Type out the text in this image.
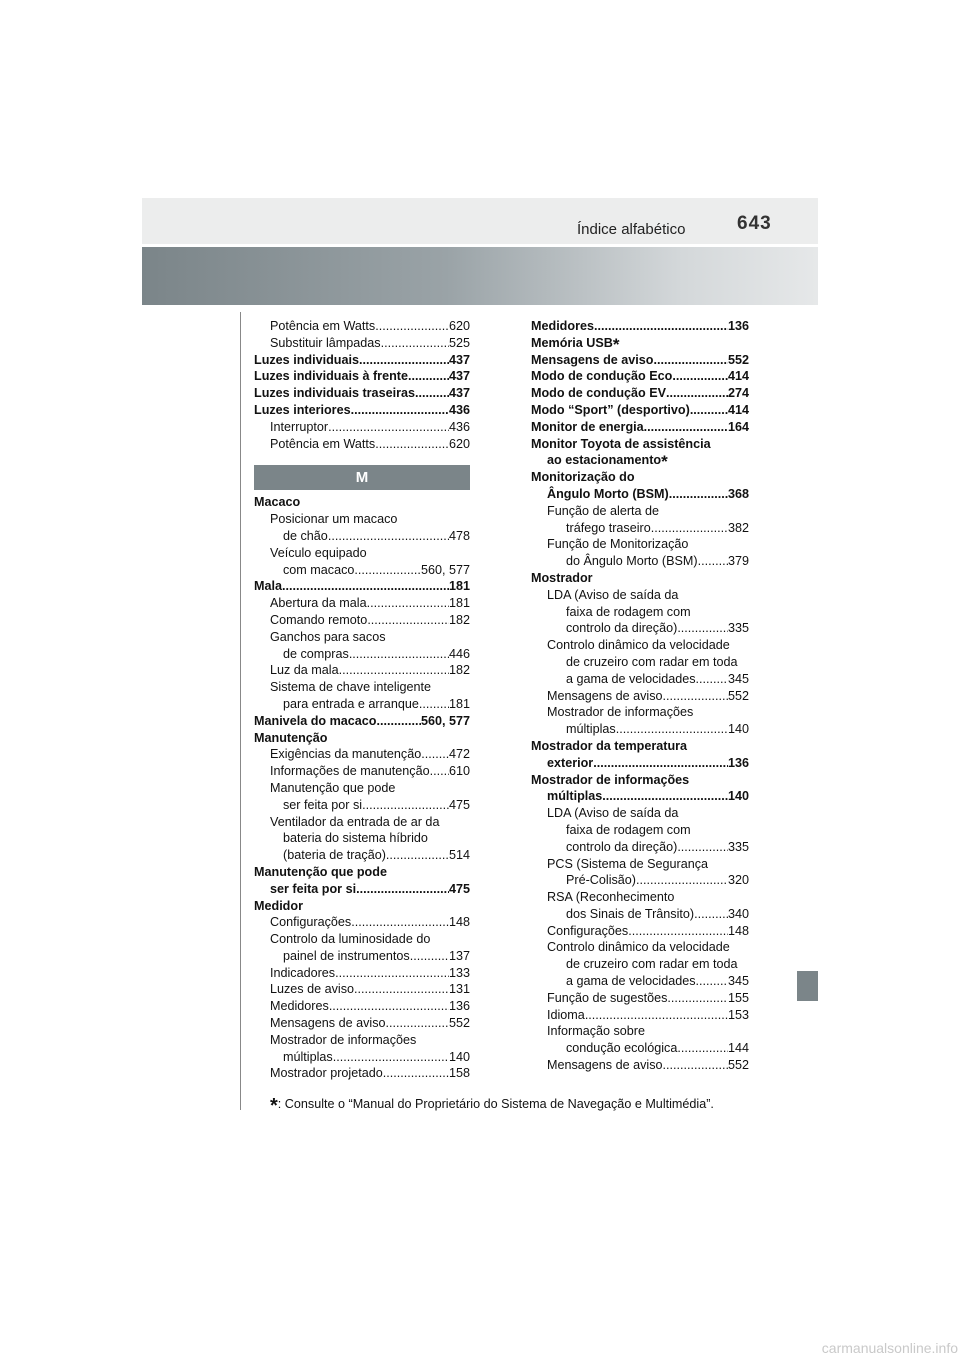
Índice alfabético	643
Potência em Watts .....	620
Substituir lâmpadas .....	525
Luzes individuais .....	437
Luzes individuais à frente .....	437
Luzes individuais traseiras .....	437
Luzes interiores .....	436
Interruptor .....	436
Potência em Watts .....	620
M
Macaco
Posicionar um macaco
de chão .....	478
Veículo equipado
com macaco .....	560, 577
Mala .....	181
Abertura da mala .....	181
Comando remoto .....	182
Ganchos para sacos
de compras .....	446
Luz da mala .....	182
Sistema de chave inteligente
para entrada e arranque ..... 181
Manivela do macaco .....	560, 577
Manutenção
Exigências da manutenção ..... 472
Informações de manutenção ..... 610
Manutenção que pode
ser feita por si .....	475
Ventilador da entrada de ar da
bateria do sistema híbrido
(bateria de tração) .....	514
Manutenção que pode
ser feita por si .....	475
Medidor
Configurações .....	148
Controlo da luminosidade do
painel de instrumentos .....	137
Indicadores .....	133
Luzes de aviso .....	131
Medidores .....	136
Mensagens de aviso .....	552
Mostrador de informações
múltiplas .....	140
Mostrador projetado .....	158
Medidores .....	136
Memória USB*
Mensagens de aviso .....	552
Modo de condução Eco .....	414
Modo de condução EV .....	274
Modo “Sport” (desportivo) .....	414
Monitor de energia .....	164
Monitor Toyota de assistência
ao estacionamento*
Monitorização do
Ângulo Morto (BSM) .....	368
Função de alerta de
tráfego traseiro .....	382
Função de Monitorização
do Ângulo Morto (BSM) ..... 379
Mostrador
LDA (Aviso de saída da
faixa de rodagem com
controlo da direção) .....	335
Controlo dinâmico da velocidade
de cruzeiro com radar em toda
a gama de velocidades .....	345
Mensagens de aviso .....	552
Mostrador de informações
múltiplas .....	140
Mostrador da temperatura
exterior .....	136
Mostrador de informações
múltiplas .....	140
LDA (Aviso de saída da
faixa de rodagem com
controlo da direção) .....	335
PCS (Sistema de Segurança
Pré-Colisão) .....	320
RSA (Reconhecimento
dos Sinais de Trânsito) .....	340
Configurações .....	148
Controlo dinâmico da velocidade
de cruzeiro com radar em toda
a gama de velocidades .....	345
Função de sugestões .....	155
Idioma .....	153
Informação sobre
condução ecológica .....	144
Mensagens de aviso .....	552
*: Consulte o “Manual do Proprietário do Sistema de Navegação e Multimédia”.
carmanualsonline.info
